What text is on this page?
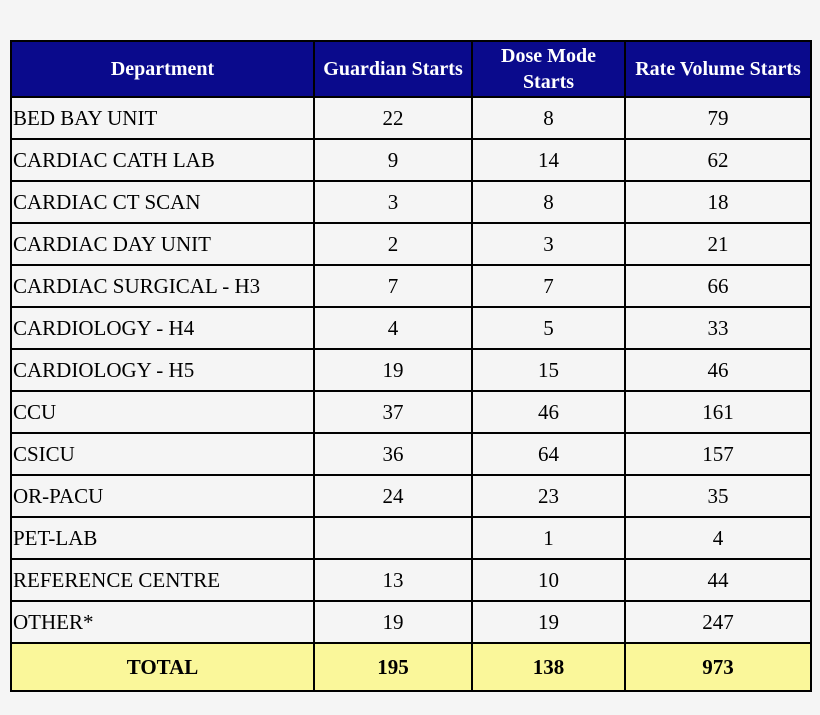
Department	Guardian Starts	Dose Mode Starts	Rate Volume Starts
BED BAY UNIT	22	8	79
CARDIAC CATH LAB	9	14	62
CARDIAC CT SCAN	3	8	18
CARDIAC DAY UNIT	2	3	21
CARDIAC SURGICAL - H3	7	7	66
CARDIOLOGY - H4	4	5	33
CARDIOLOGY - H5	19	15	46
CCU	37	46	161
CSICU	36	64	157
OR-PACU	24	23	35
PET-LAB		1	4
REFERENCE CENTRE	13	10	44
OTHER*	19	19	247
TOTAL	195	138	973
